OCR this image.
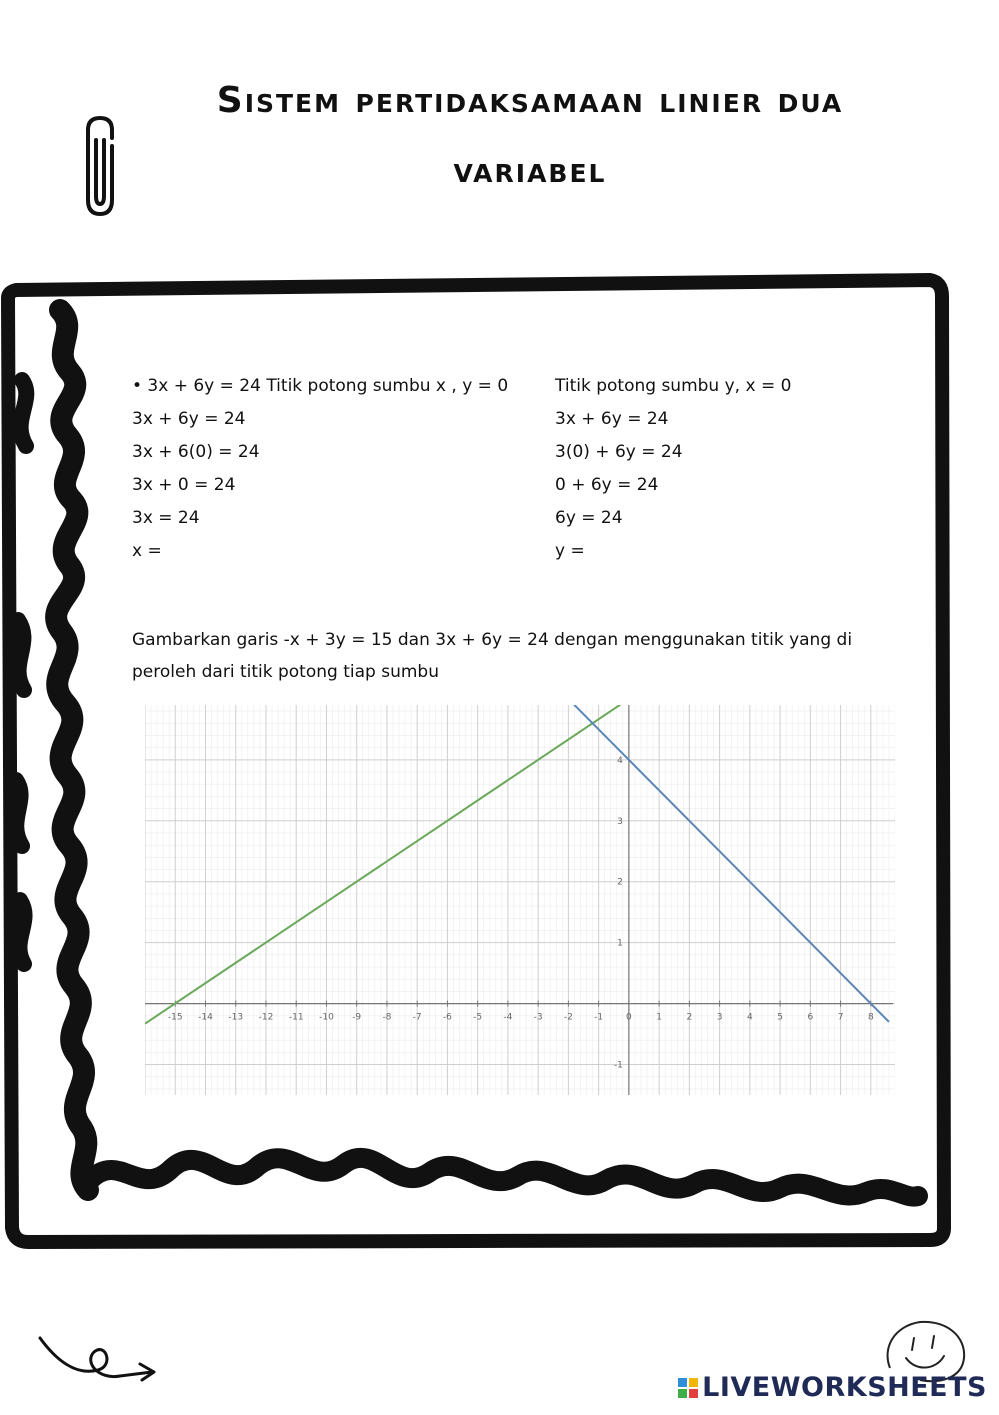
Sistem pertidaksamaan linier dua
variabel
• 3x + 6y = 24 Titik potong sumbu x , y = 0
3x + 6y = 24
3x + 6(0) = 24
3x + 0 = 24
3x = 24
x =
Titik potong sumbu y, x = 0
3x + 6y = 24
3(0) + 6y = 24
0 + 6y = 24
6y = 24
y =
Gambarkan garis -x + 3y = 15 dan 3x + 6y = 24 dengan menggunakan titik yang di
peroleh dari titik potong tiap sumbu
-15 -14 -13 -12 -11 -10 -9 -8 -7 -6 -5 -4 -3 -2 -1	0	1	2	3	4	5	6	7	8
-1
1
2
3
4
LIVEWORKSHEETS
